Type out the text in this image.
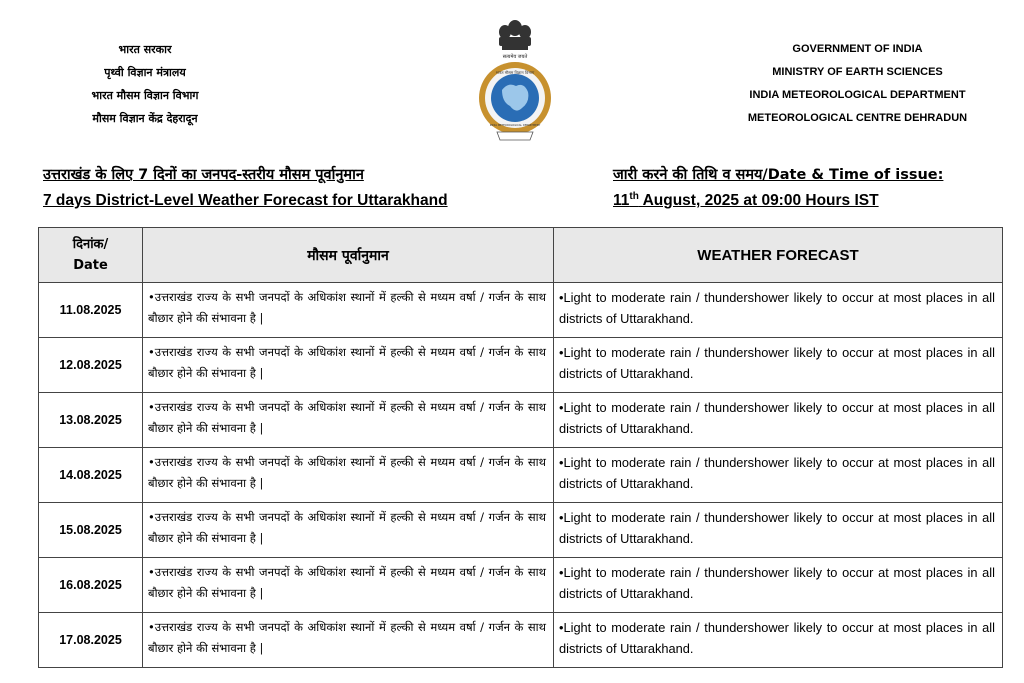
भारत सरकार
पृथ्वी विज्ञान मंत्रालय
भारत मौसम विज्ञान विभाग
मौसम विज्ञान केंद्र देहरादून
सत्यमेव जयते
भारत मौसम विज्ञान विभाग
INDIA METEOROLOGICAL DEPARTMENT
GOVERNMENT OF INDIA
MINISTRY OF EARTH SCIENCES
INDIA METEOROLOGICAL DEPARTMENT
METEOROLOGICAL CENTRE DEHRADUN
उत्तराखंड के लिए 7 दिनों का जनपद-स्तरीय मौसम पूर्वानुमान
7 days District-Level Weather Forecast for Uttarakhand
जारी करने की तिथि व समय/Date & Time of issue:
11th August, 2025 at 09:00 Hours IST
दिनांक/
Date	मौसम पूर्वानुमान	WEATHER FORECAST
11.08.2025	•उत्तराखंड राज्य के सभी जनपदों के अधिकांश स्थानों में हल्की से मध्यम वर्षा / गर्जन के साथ बौछार होने की संभावना है |	•Light to moderate rain / thundershower likely to occur at most places in all districts of Uttarakhand.
12.08.2025	•उत्तराखंड राज्य के सभी जनपदों के अधिकांश स्थानों में हल्की से मध्यम वर्षा / गर्जन के साथ बौछार होने की संभावना है |	•Light to moderate rain / thundershower likely to occur at most places in all districts of Uttarakhand.
13.08.2025	•उत्तराखंड राज्य के सभी जनपदों के अधिकांश स्थानों में हल्की से मध्यम वर्षा / गर्जन के साथ बौछार होने की संभावना है |	•Light to moderate rain / thundershower likely to occur at most places in all districts of Uttarakhand.
14.08.2025	•उत्तराखंड राज्य के सभी जनपदों के अधिकांश स्थानों में हल्की से मध्यम वर्षा / गर्जन के साथ बौछार होने की संभावना है |	•Light to moderate rain / thundershower likely to occur at most places in all districts of Uttarakhand.
15.08.2025	•उत्तराखंड राज्य के सभी जनपदों के अधिकांश स्थानों में हल्की से मध्यम वर्षा / गर्जन के साथ बौछार होने की संभावना है |	•Light to moderate rain / thundershower likely to occur at most places in all districts of Uttarakhand.
16.08.2025	•उत्तराखंड राज्य के सभी जनपदों के अधिकांश स्थानों में हल्की से मध्यम वर्षा / गर्जन के साथ बौछार होने की संभावना है |	•Light to moderate rain / thundershower likely to occur at most places in all districts of Uttarakhand.
17.08.2025	•उत्तराखंड राज्य के सभी जनपदों के अधिकांश स्थानों में हल्की से मध्यम वर्षा / गर्जन के साथ बौछार होने की संभावना है |	•Light to moderate rain / thundershower likely to occur at most places in all districts of Uttarakhand.
